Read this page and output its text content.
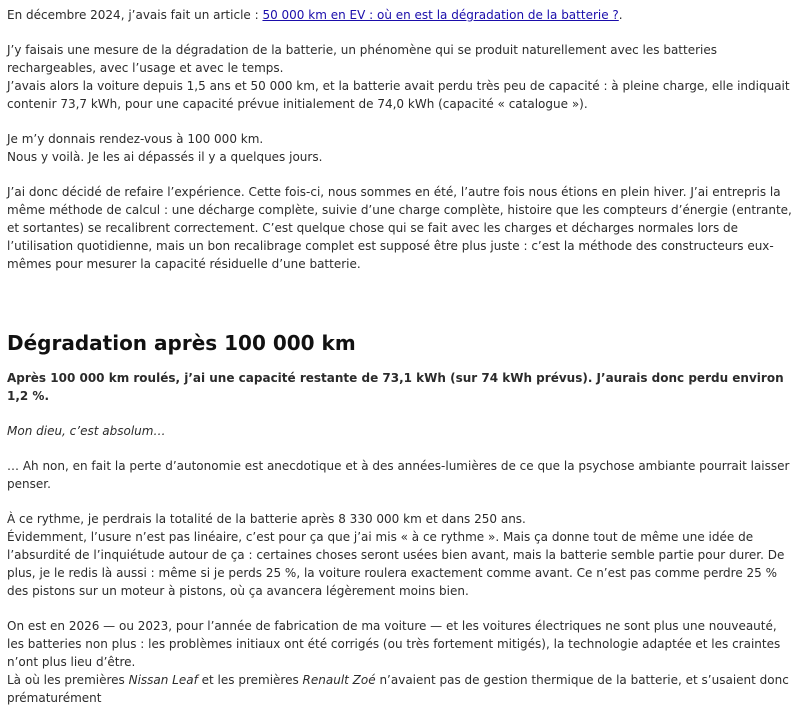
En décembre 2024, j’avais fait un article : 50 000 km en EV : où en est la dégradation de la batterie ?.

J’y faisais une mesure de la dégradation de la batterie, un phénomène qui se produit naturellement avec les batteries rechargeables, avec l’usage et avec le temps.
J’avais alors la voiture depuis 1,5 ans et 50 000 km, et la batterie avait perdu très peu de capacité : à pleine charge, elle indiquait contenir 73,7 kWh, pour une capacité prévue initialement de 74,0 kWh (capacité « catalogue »).

Je m’y donnais rendez-vous à 100 000 km.
Nous y voilà. Je les ai dépassés il y a quelques jours.

J’ai donc décidé de refaire l’expérience. Cette fois-ci, nous sommes en été, l’autre fois nous étions en plein hiver. J’ai entrepris la même méthode de calcul : une décharge complète, suivie d’une charge complète, histoire que les compteurs d’énergie (entrante, et sortantes) se recalibrent correctement. C’est quelque chose qui se fait avec les charges et décharges normales lors de l’utilisation quotidienne, mais un bon recalibrage complet est supposé être plus juste : c’est la méthode des constructeurs eux-mêmes pour mesurer la capacité résiduelle d’une batterie.

Dégradation après 100 000 km

Après 100 000 km roulés, j’ai une capacité restante de 73,1 kWh (sur 74 kWh prévus). J’aurais donc perdu environ 1,2 %.

Mon dieu, c’est absolum…

… Ah non, en fait la perte d’autonomie est anecdotique et à des années-lumières de ce que la psychose ambiante pourrait laisser penser.

À ce rythme, je perdrais la totalité de la batterie après 8 330 000 km et dans 250 ans.
Évidemment, l’usure n’est pas linéaire, c’est pour ça que j’ai mis « à ce rythme ». Mais ça donne tout de même une idée de l’absurdité de l’inquiétude autour de ça : certaines choses seront usées bien avant, mais la batterie semble partie pour durer. De plus, je le redis là aussi : même si je perds 25 %, la voiture roulera exactement comme avant. Ce n’est pas comme perdre 25 % des pistons sur un moteur à pistons, où ça avancera légèrement moins bien.

On est en 2026 — ou 2023, pour l’année de fabrication de ma voiture — et les voitures électriques ne sont plus une nouveauté, les batteries non plus : les problèmes initiaux ont été corrigés (ou très fortement mitigés), la technologie adaptée et les craintes n’ont plus lieu d’être.
Là où les premières Nissan Leaf et les premières Renault Zoé n’avaient pas de gestion thermique de la batterie, et s’usaient donc prématurément
